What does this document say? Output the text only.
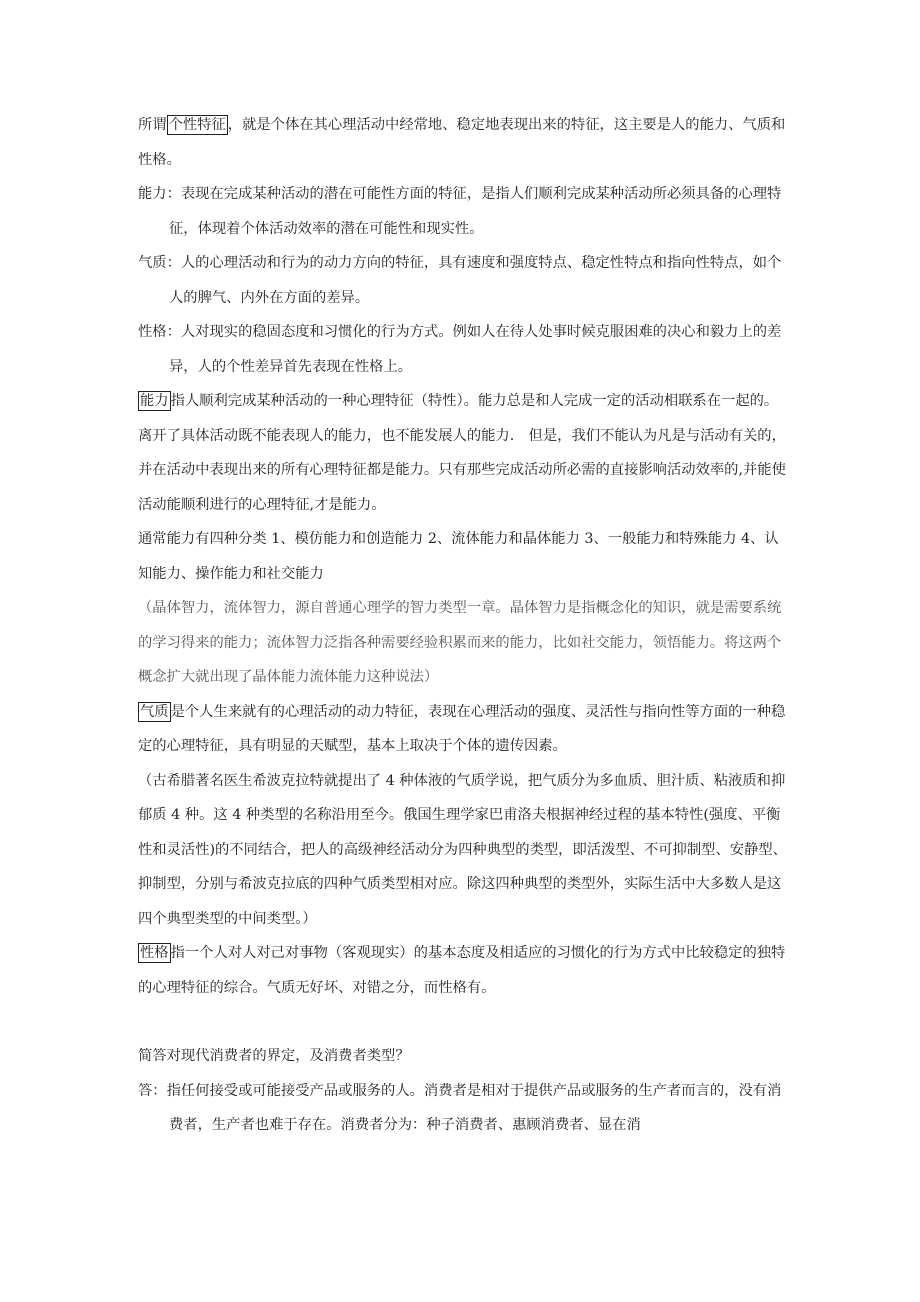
所谓 个性特征 ，就是个体在其心理活动中经常地、稳定地表现出来的特征，这主要是人的能力、气质和性格。

能力：表现在完成某种活动的潜在可能性方面的特征，是指人们顺利完成某种活动所必须具备的心理特征，体现着个体活动效率的潜在可能性和现实性。

气质：人的心理活动和行为的动力方向的特征，具有速度和强度特点、稳定性特点和指向性特点，如个人的脾气、内外在方面的差异。

性格：人对现实的稳固态度和习惯化的行为方式。例如人在待人处事时候克服困难的决心和毅力上的差异，人的个性差异首先表现在性格上。

能力 指人顺利完成某种活动的一种心理特征（特性）。能力总是和人完成一定的活动相联系在一起的。离开了具体活动既不能表现人的能力，也不能发展人的能力.　但是，我们不能认为凡是与活动有关的，并在活动中表现出来的所有心理特征都是能力。只有那些完成活动所必需的直接影响活动效率的,并能使活动能顺利进行的心理特征,才是能力。

通常能力有四种分类 1、模仿能力和创造能力 2、流体能力和晶体能力 3、一般能力和特殊能力 4、认知能力、操作能力和社交能力

（晶体智力，流体智力，源自普通心理学的智力类型一章。晶体智力是指概念化的知识，就是需要系统的学习得来的能力；流体智力泛指各种需要经验积累而来的能力，比如社交能力，领悟能力。将这两个概念扩大就出现了晶体能力流体能力这种说法）

气质 是个人生来就有的心理活动的动力特征，表现在心理活动的强度、灵活性与指向性等方面的一种稳定的心理特征，具有明显的天赋型，基本上取决于个体的遗传因素。

（古希腊著名医生希波克拉特就提出了 4 种体液的气质学说，把气质分为多血质、胆汁质、粘液质和抑郁质 4 种。这 4 种类型的名称沿用至今。俄国生理学家巴甫洛夫根据神经过程的基本特性(强度、平衡性和灵活性)的不同结合，把人的高级神经活动分为四种典型的类型，即活泼型、不可抑制型、安静型、抑制型，分别与希波克拉底的四种气质类型相对应。除这四种典型的类型外，实际生活中大多数人是这四个典型类型的中间类型。）

性格 指一个人对人对己对事物（客观现实）的基本态度及相适应的习惯化的行为方式中比较稳定的独特的心理特征的综合。气质无好坏、对错之分，而性格有。

简答对现代消费者的界定，及消费者类型？

答：指任何接受或可能接受产品或服务的人。消费者是相对于提供产品或服务的生产者而言的，没有消费者，生产者也难于存在。消费者分为：种子消费者、惠顾消费者、显在消
